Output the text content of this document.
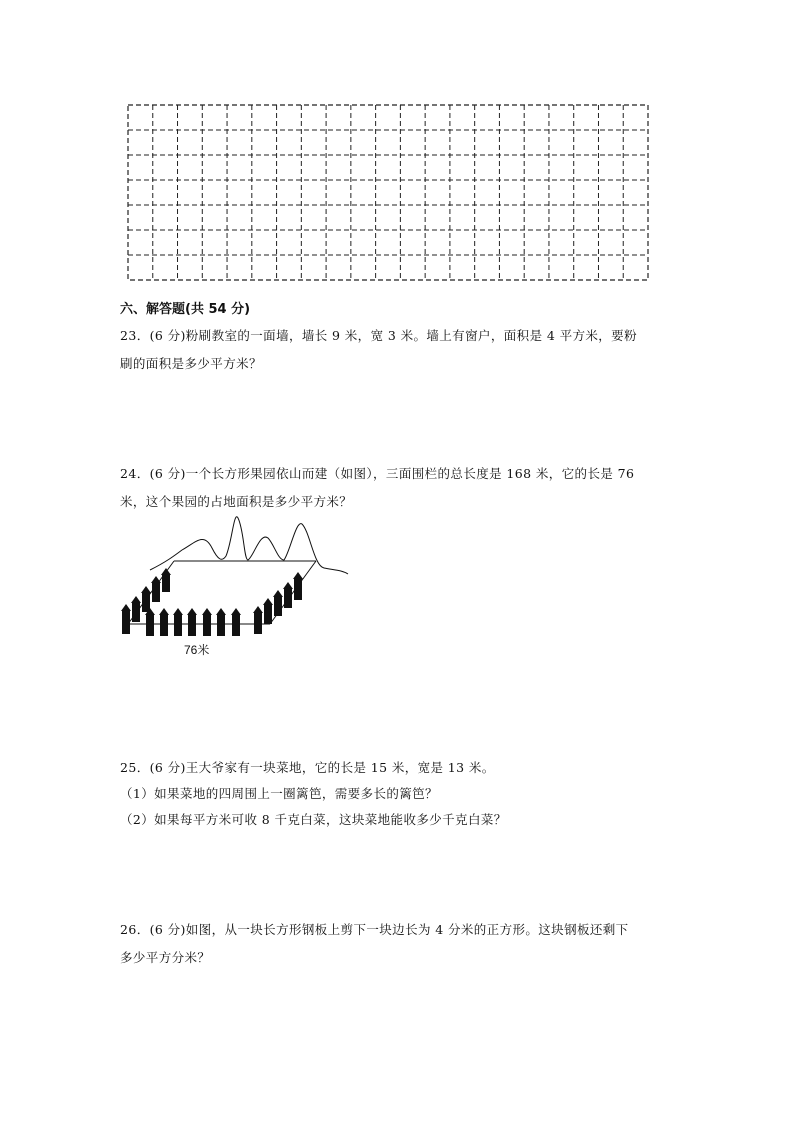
六、解答题(共 54 分)
23．(6 分)粉刷教室的一面墙，墙长 9 米，宽 3 米。墙上有窗户，面积是 4 平方米，要粉
刷的面积是多少平方米？
24．(6 分)一个长方形果园依山而建（如图），三面围栏的总长度是 168 米，它的长是 76
米，这个果园的占地面积是多少平方米？
76米
25．(6 分)王大爷家有一块菜地，它的长是 15 米，宽是 13 米。
（1）如果菜地的四周围上一圈篱笆，需要多长的篱笆？
（2）如果每平方米可收 8 千克白菜，这块菜地能收多少千克白菜？
26．(6 分)如图，从一块长方形钢板上剪下一块边长为 4 分米的正方形。这块钢板还剩下
多少平方分米？
